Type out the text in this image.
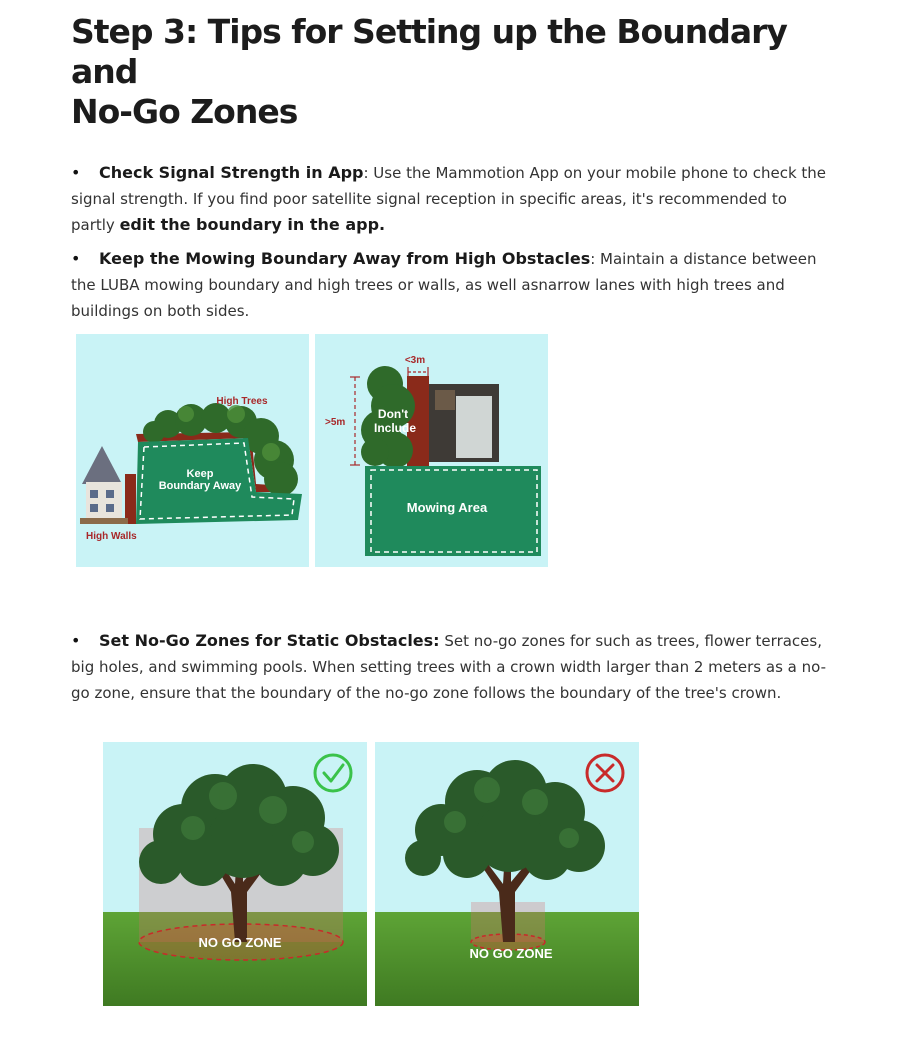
Step 3: Tips for Setting up the Boundary and
No-Go Zones
• Check Signal Strength in App: Use the Mammotion App on your mobile phone to check the signal strength. If you find poor satellite signal reception in specific areas, it's recommended to partly edit the boundary in the app.
• Keep the Mowing Boundary Away from High Obstacles: Maintain a distance between the LUBA mowing boundary and high trees or walls, as well asnarrow lanes with high trees and buildings on both sides.
• Set No-Go Zones for Static Obstacles: Set no-go zones for such as trees, flower terraces, big holes, and swimming pools. When setting trees with a crown width larger than 2 meters as a no-go zone, ensure that the boundary of the no-go zone follows the boundary of the tree's crown.
High Trees
Keep
Boundary Away
High Walls
<3m
>5m
Don't
Include
Mowing Area
NO GO ZONE
NO GO ZONE
